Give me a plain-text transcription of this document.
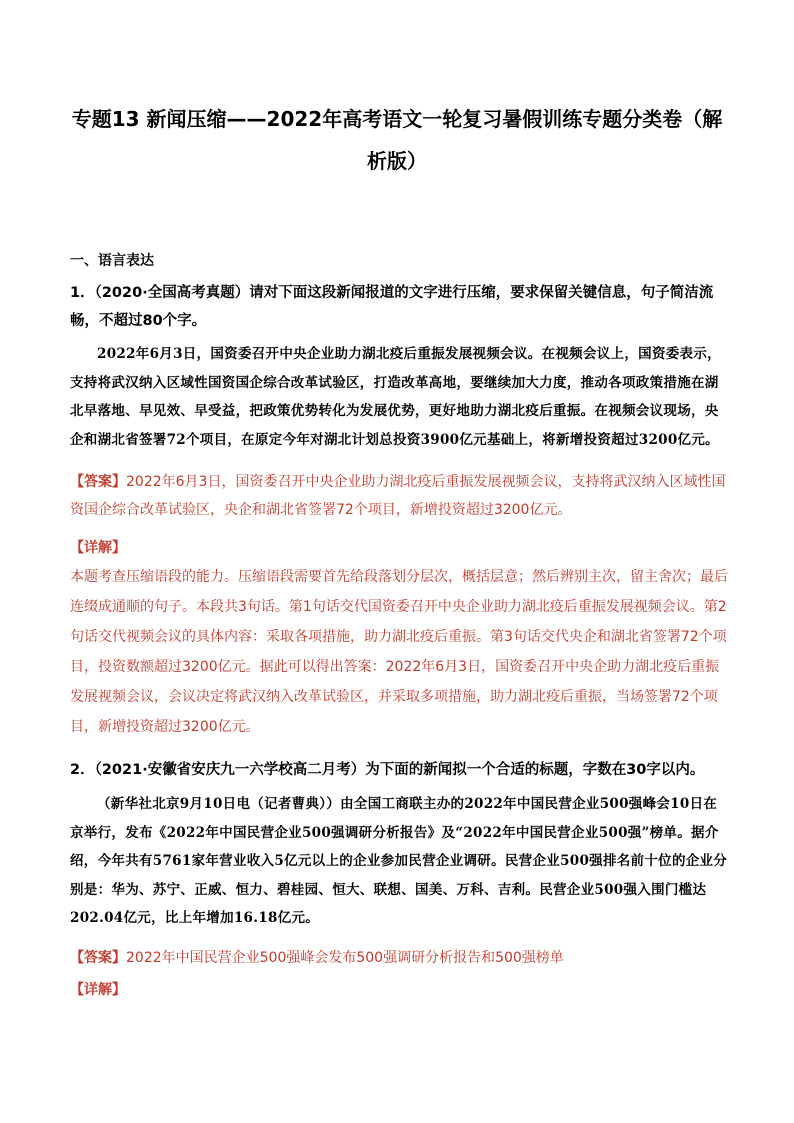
专题13 新闻压缩——2022年高考语文一轮复习暑假训练专题分类卷（解析版）
一、语言表达
1．（2020·全国高考真题）请对下面这段新闻报道的文字进行压缩，要求保留关键信息，句子简洁流畅，不超过80个字。
2022年6月3日，国资委召开中央企业助力湖北疫后重振发展视频会议。在视频会议上，国资委表示，支持将武汉纳入区域性国资国企综合改革试验区，打造改革高地，要继续加大力度，推动各项政策措施在湖北早落地、早见效、早受益，把政策优势转化为发展优势，更好地助力湖北疫后重振。在视频会议现场，央企和湖北省签署72个项目，在原定今年对湖北计划总投资3900亿元基础上，将新增投资超过3200亿元。
【答案】2022年6月3日，国资委召开中央企业助力湖北疫后重振发展视频会议，支持将武汉纳入区域性国资国企综合改革试验区，央企和湖北省签署72个项目，新增投资超过3200亿元。
【详解】
本题考查压缩语段的能力。压缩语段需要首先给段落划分层次，概括层意；然后辨别主次，留主舍次；最后连缀成通顺的句子。本段共3句话。第1句话交代国资委召开中央企业助力湖北疫后重振发展视频会议。第2句话交代视频会议的具体内容：采取各项措施，助力湖北疫后重振。第3句话交代央企和湖北省签署72个项目，投资数额超过3200亿元。据此可以得出答案：2022年6月3日，国资委召开中央企助力湖北疫后重振发展视频会议，会议决定将武汉纳入改革试验区，并采取多项措施，助力湖北疫后重振，当场签署72个项目，新增投资超过3200亿元。
2．（2021·安徽省安庆九一六学校高二月考）为下面的新闻拟一个合适的标题，字数在30字以内。
（新华社北京9月10日电（记者曹典））由全国工商联主办的2022年中国民营企业500强峰会10日在京举行，发布《2022年中国民营企业500强调研分析报告》及“2022年中国民营企业500强”榜单。据介绍，今年共有5761家年营业收入5亿元以上的企业参加民营企业调研。民营企业500强排名前十位的企业分别是：华为、苏宁、正威、恒力、碧桂园、恒大、联想、国美、万科、吉利。民营企业500强入围门槛达202.04亿元，比上年增加16.18亿元。
【答案】2022年中国民营企业500强峰会发布500强调研分析报告和500强榜单
【详解】
